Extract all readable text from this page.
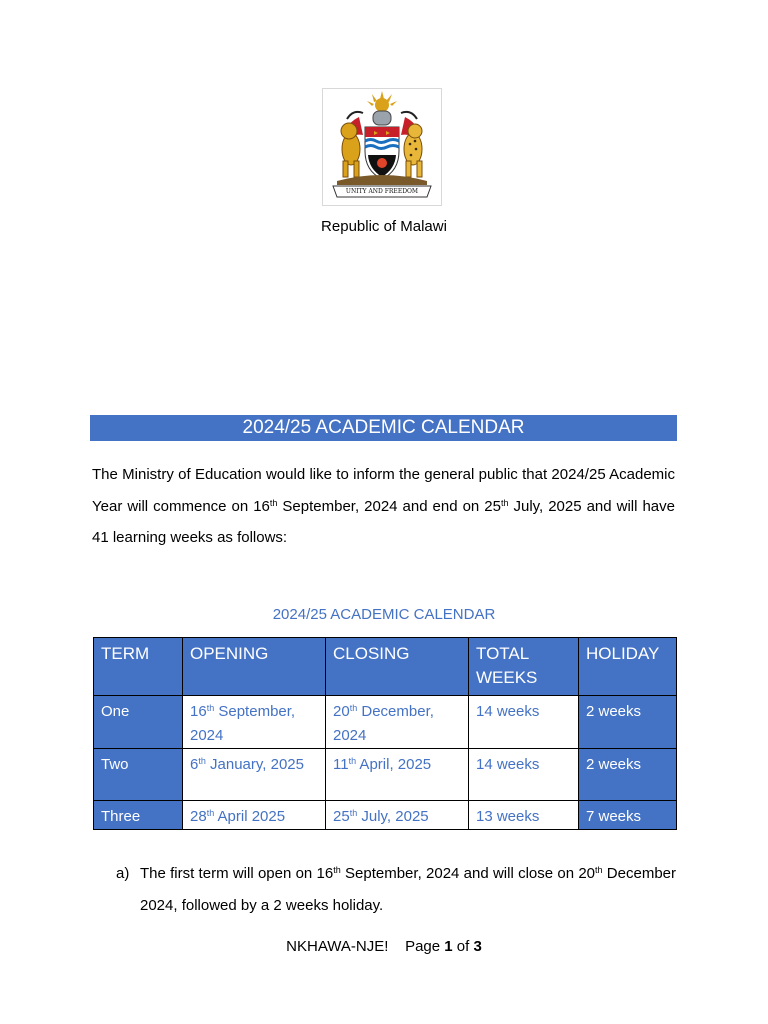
UNITY AND FREEDOM
Republic of Malawi
2024/25 ACADEMIC CALENDAR
The Ministry of Education would like to inform the general public that 2024/25 Academic Year will commence on 16th September, 2024 and end on 25th July, 2025 and will have 41 learning weeks as follows:
2024/25 ACADEMIC CALENDAR
TERM	OPENING	CLOSING	TOTAL WEEKS	HOLIDAY
One	16th September, 2024	20th December, 2024	14 weeks	2 weeks
Two	6th January, 2025	11th April, 2025	14 weeks	2 weeks
Three	28th April 2025	25th July, 2025	13 weeks	7 weeks
a) The first term will open on 16th September, 2024 and will close on 20th December 2024, followed by a 2 weeks holiday.
NKHAWA-NJE! Page 1 of 3
